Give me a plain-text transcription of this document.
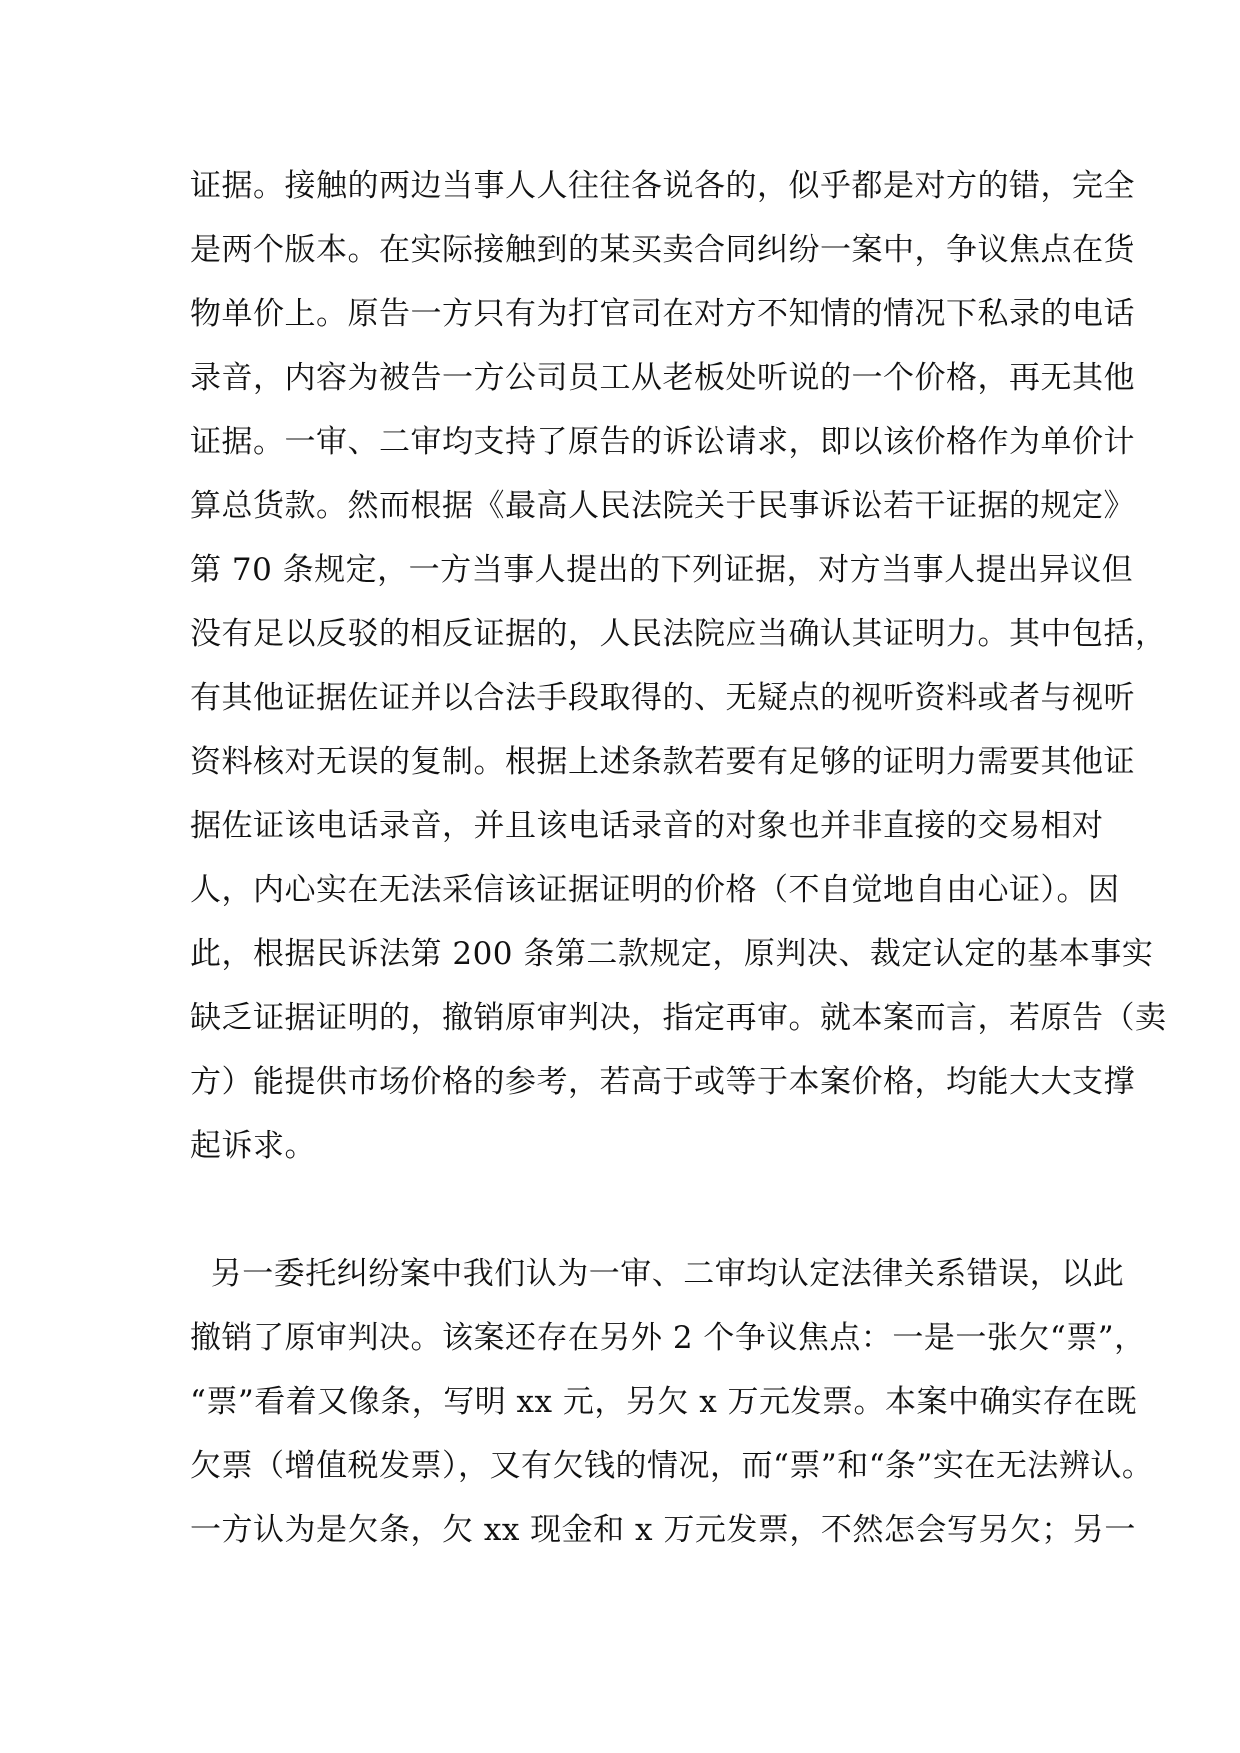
证据。接触的两边当事人人往往各说各的，似乎都是对方的错，完全
是两个版本。在实际接触到的某买卖合同纠纷一案中，争议焦点在货
物单价上。原告一方只有为打官司在对方不知情的情况下私录的电话
录音，内容为被告一方公司员工从老板处听说的一个价格，再无其他
证据。一审、二审均支持了原告的诉讼请求，即以该价格作为单价计
算总货款。然而根据《最高人民法院关于民事诉讼若干证据的规定》
第 70 条规定，一方当事人提出的下列证据，对方当事人提出异议但
没有足以反驳的相反证据的，人民法院应当确认其证明力。其中包括，
有其他证据佐证并以合法手段取得的、无疑点的视听资料或者与视听
资料核对无误的复制。根据上述条款若要有足够的证明力需要其他证
据佐证该电话录音，并且该电话录音的对象也并非直接的交易相对
人，内心实在无法采信该证据证明的价格（不自觉地自由心证）。因
此，根据民诉法第 200 条第二款规定，原判决、裁定认定的基本事实
缺乏证据证明的，撤销原审判决，指定再审。就本案而言，若原告（卖
方）能提供市场价格的参考，若高于或等于本案价格，均能大大支撑
起诉求。
另一委托纠纷案中我们认为一审、二审均认定法律关系错误，以此
撤销了原审判决。该案还存在另外 2 个争议焦点：一是一张欠“票”，
“票”看着又像条，写明 xx 元，另欠 x 万元发票。本案中确实存在既
欠票（增值税发票），又有欠钱的情况，而“票”和“条”实在无法辨认。
一方认为是欠条，欠 xx 现金和 x 万元发票，不然怎会写另欠；另一
